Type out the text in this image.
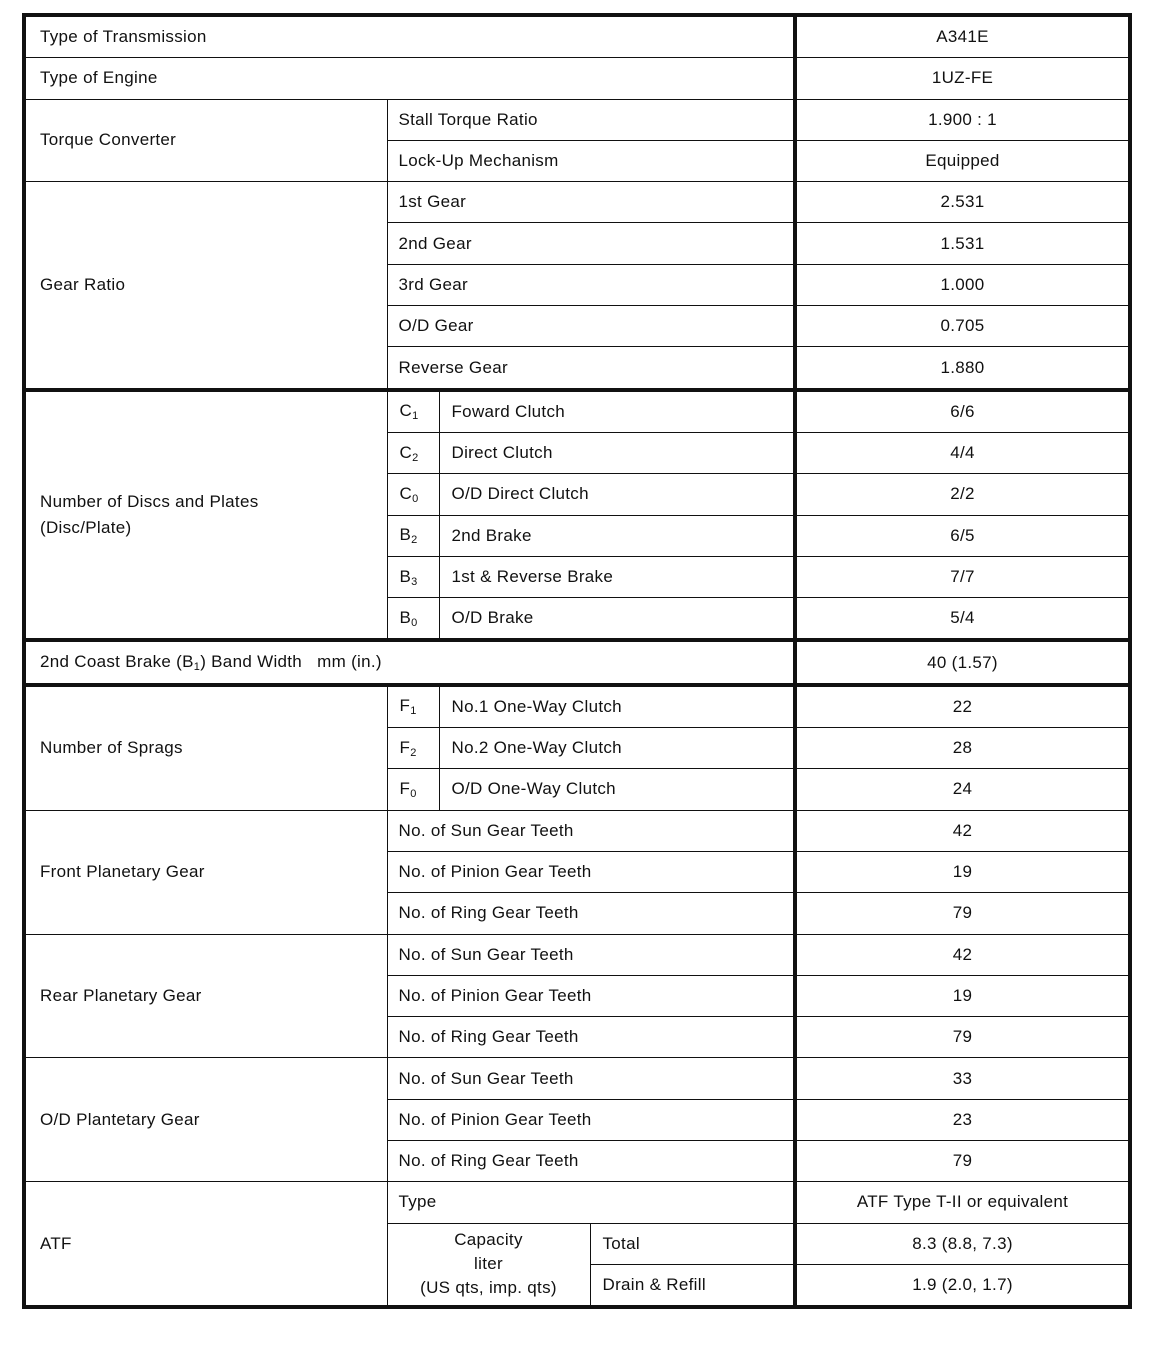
Type of Transmission				A341E
Type of Engine				1UZ-FE
Torque Converter	Stall Torque Ratio			1.900 : 1
	Lock-Up Mechanism			Equipped
Gear Ratio	1st Gear			2.531
	2nd Gear			1.531
	3rd Gear			1.000
	O/D Gear			0.705
	Reverse Gear			1.880
Number of Discs and Plates
(Disc/Plate)	$C_1$	Foward Clutch		6/6
	$C_2$	Direct Clutch		4/4
	$C_0$	O/D Direct Clutch		2/2
	$B_2$	2nd Brake		6/5
	$B_3$	1st & Reverse Brake		7/7
	$B_0$	O/D Brake		5/4
2nd Coast Brake $(B_1)$ Band Width   mm (in.)				40 (1.57)
Number of Sprags	$F_1$	No.1 One-Way Clutch		22
	$F_2$	No.2 One-Way Clutch		28
	$F_0$	O/D One-Way Clutch		24
Front Planetary Gear	No. of Sun Gear Teeth			42
	No. of Pinion Gear Teeth			19
	No. of Ring Gear Teeth			79
Rear Planetary Gear	No. of Sun Gear Teeth			42
	No. of Pinion Gear Teeth			19
	No. of Ring Gear Teeth			79
O/D Plantetary Gear	No. of Sun Gear Teeth			33
	No. of Pinion Gear Teeth			23
	No. of Ring Gear Teeth			79
ATF	Type			ATF Type T-II or equivalent
	Capacity
liter
(US qts, imp. qts)		Total	8.3 (8.8, 7.3)
			Drain & Refill	1.9 (2.0, 1.7)
